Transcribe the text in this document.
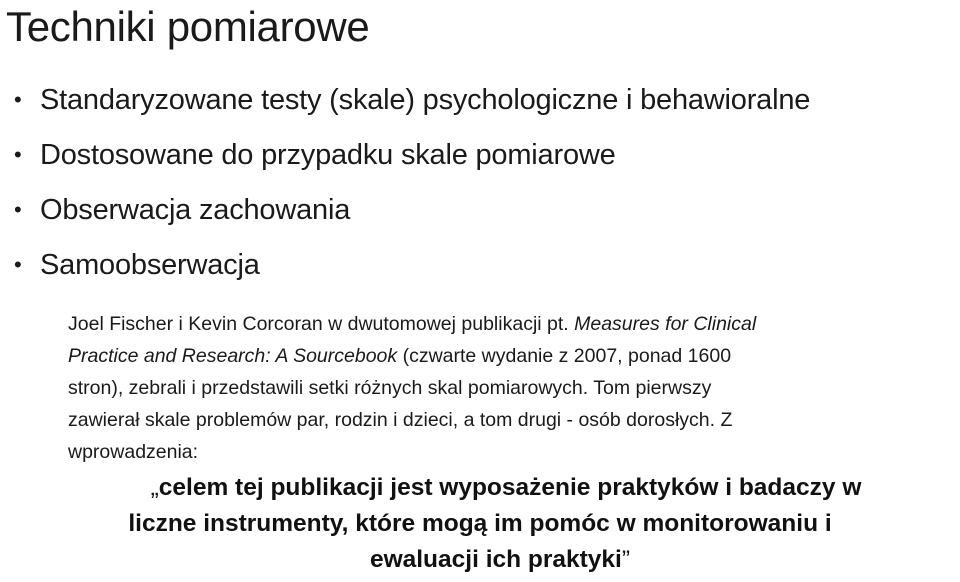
Techniki pomiarowe
• Standaryzowane testy (skale) psychologiczne i behawioralne
• Dostosowane do przypadku skale pomiarowe
• Obserwacja zachowania
• Samoobserwacja
Joel Fischer i Kevin Corcoran w dwutomowej publikacji pt. Measures for Clinical
Practice and Research: A Sourcebook (czwarte wydanie z 2007, ponad 1600
stron), zebrali i przedstawili setki różnych skal pomiarowych. Tom pierwszy
zawierał skale problemów par, rodzin i dzieci, a tom drugi - osób dorosłych. Z
wprowadzenia:
„celem tej publikacji jest wyposażenie praktyków i badaczy w
liczne instrumenty, które mogą im pomóc w monitorowaniu i
ewaluacji ich praktyki”
